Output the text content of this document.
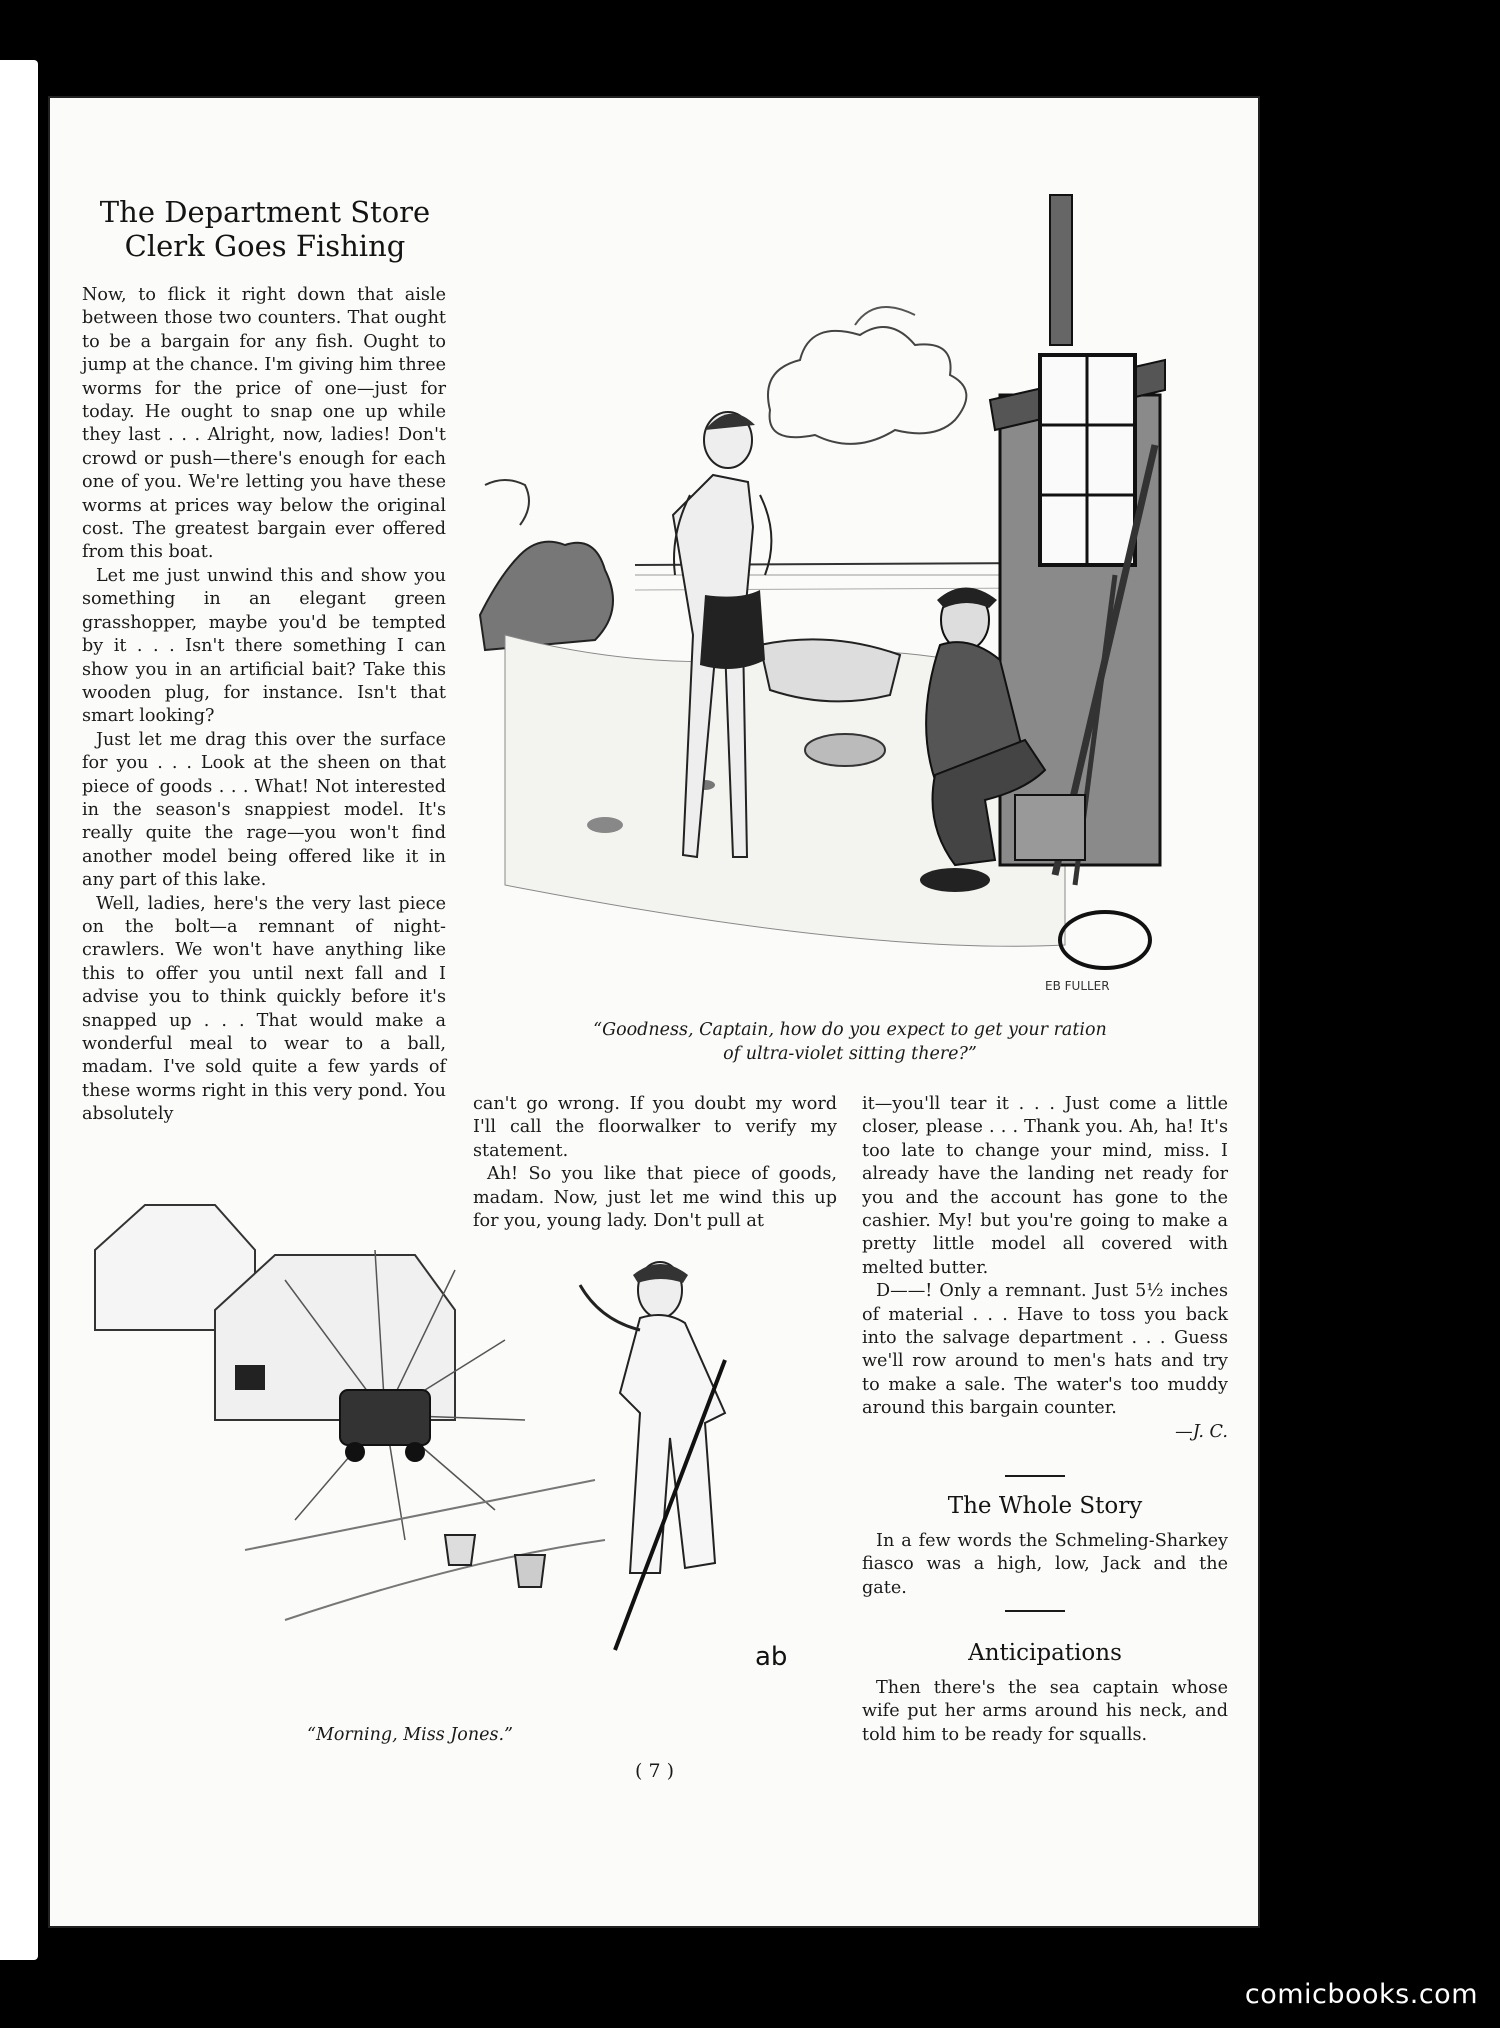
The Department Store
Clerk Goes Fishing

Now, to flick it right down that aisle between those two counters. That ought to be a bargain for any fish. Ought to jump at the chance. I'm giving him three worms for the price of one—just for today. He ought to snap one up while they last . . . Alright, now, ladies! Don't crowd or push—there's enough for each one of you. We're letting you have these worms at prices way below the original cost. The greatest bargain ever offered from this boat.

Let me just unwind this and show you something in an elegant green grasshopper, maybe you'd be tempted by it . . . Isn't there something I can show you in an artificial bait? Take this wooden plug, for instance. Isn't that smart looking?

Just let me drag this over the surface for you . . . Look at the sheen on that piece of goods . . . What! Not interested in the season's snappiest model. It's really quite the rage—you won't find another model being offered like it in any part of this lake.

Well, ladies, here's the very last piece on the bolt—a remnant of night-crawlers. We won't have anything like this to offer you until next fall and I advise you to think quickly before it's snapped up . . . That would make a wonderful meal to wear to a ball, madam. I've sold quite a few yards of these worms right in this very pond. You absolutely

EB FULLER
“Goodness, Captain, how do you expect to get your ration
of ultra-violet sitting there?”

can't go wrong. If you doubt my word I'll call the floorwalker to verify my statement.

Ah! So you like that piece of goods, madam. Now, just let me wind this up for you, young lady. Don't pull at

it—you'll tear it . . . Just come a little closer, please . . . Thank you. Ah, ha! It's too late to change your mind, miss. I already have the landing net ready for you and the account has gone to the cashier. My! but you're going to make a pretty little model all covered with melted butter.

D——! Only a remnant. Just 5½ inches of material . . . Have to toss you back into the salvage department . . . Guess we'll row around to men's hats and try to make a sale. The water's too muddy around this bargain counter.

—J. C.
The Whole Story

In a few words the Schmeling-Sharkey fiasco was a high, low, Jack and the gate.

Anticipations

Then there's the sea captain whose wife put her arms around his neck, and told him to be ready for squalls.

ab
“Morning, Miss Jones.”
( 7 )
comicbooks.com
